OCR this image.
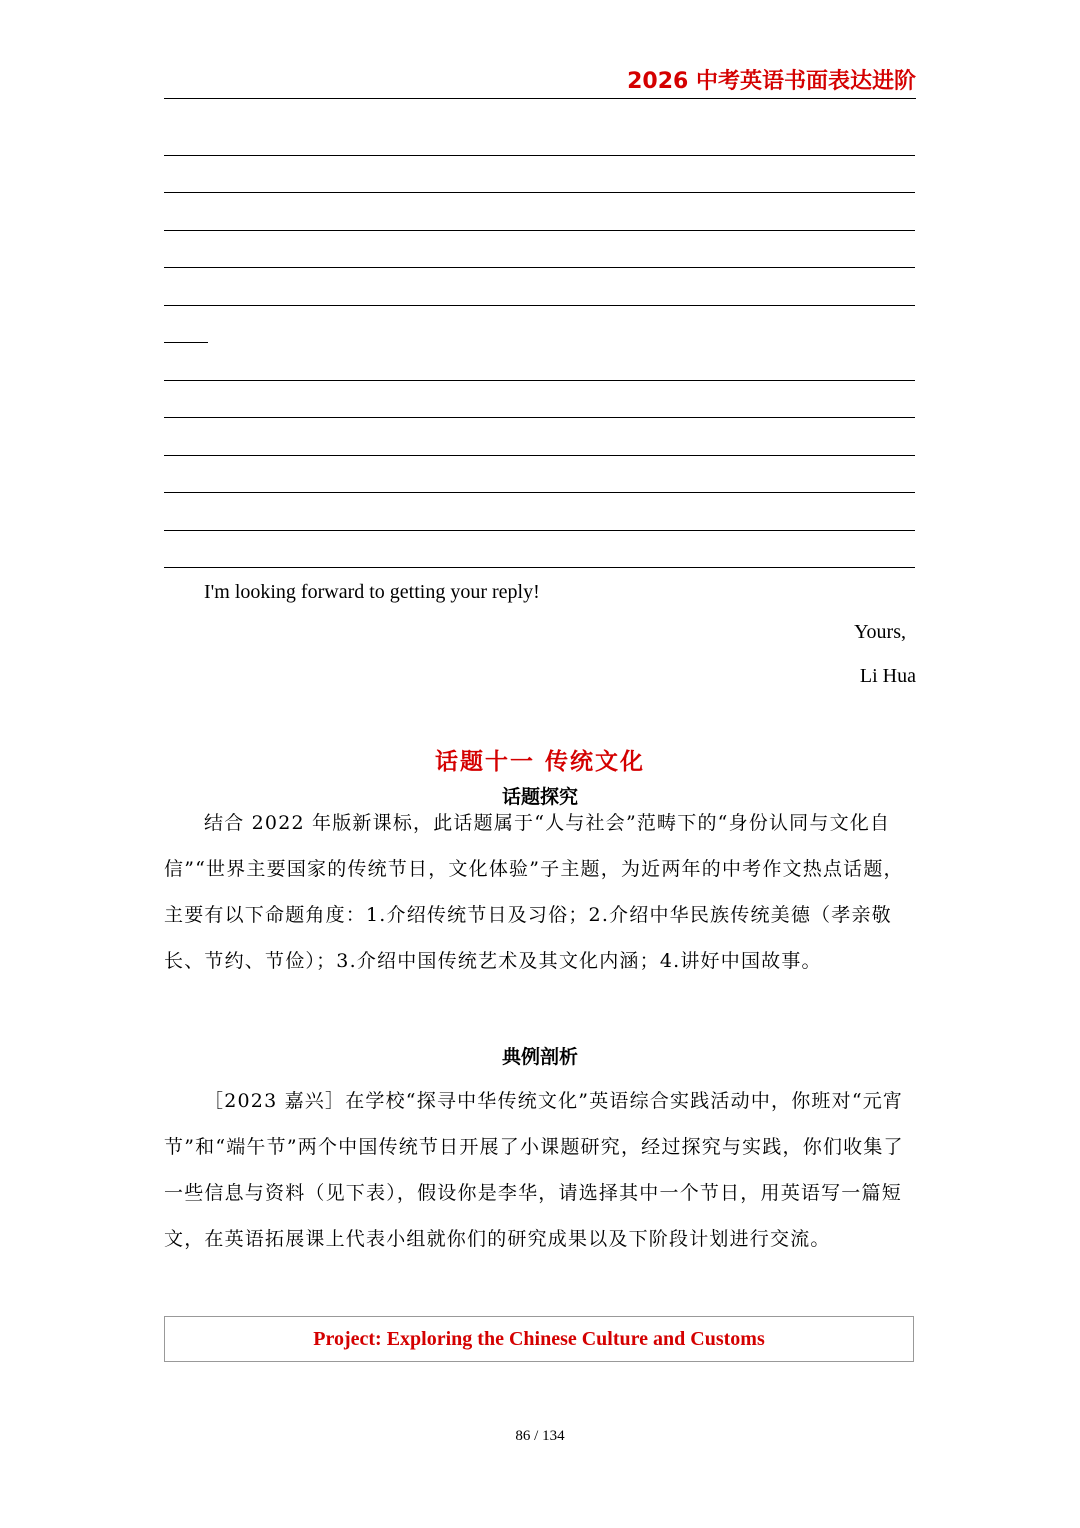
2026 中考英语书面表达进阶
I'm looking forward to getting your reply!
Yours,
Li Hua
话题十一 传统文化
话题探究

结合 2022 年版新课标，此话题属于“人与社会”范畴下的“身份认同与文化自信”“世界主要国家的传统节日，文化体验”子主题，为近两年的中考作文热点话题，主要有以下命题角度：1.介绍传统节日及习俗；2.介绍中华民族传统美德（孝亲敬长、节约、节俭）；3.介绍中国传统艺术及其文化内涵；4.讲好中国故事。

典例剖析

［2023 嘉兴］在学校“探寻中华传统文化”英语综合实践活动中，你班对“元宵节”和“端午节”两个中国传统节日开展了小课题研究，经过探究与实践，你们收集了一些信息与资料（见下表），假设你是李华，请选择其中一个节日，用英语写一篇短文，在英语拓展课上代表小组就你们的研究成果以及下阶段计划进行交流。

Project: Exploring the Chinese Culture and Customs
86 / 134
